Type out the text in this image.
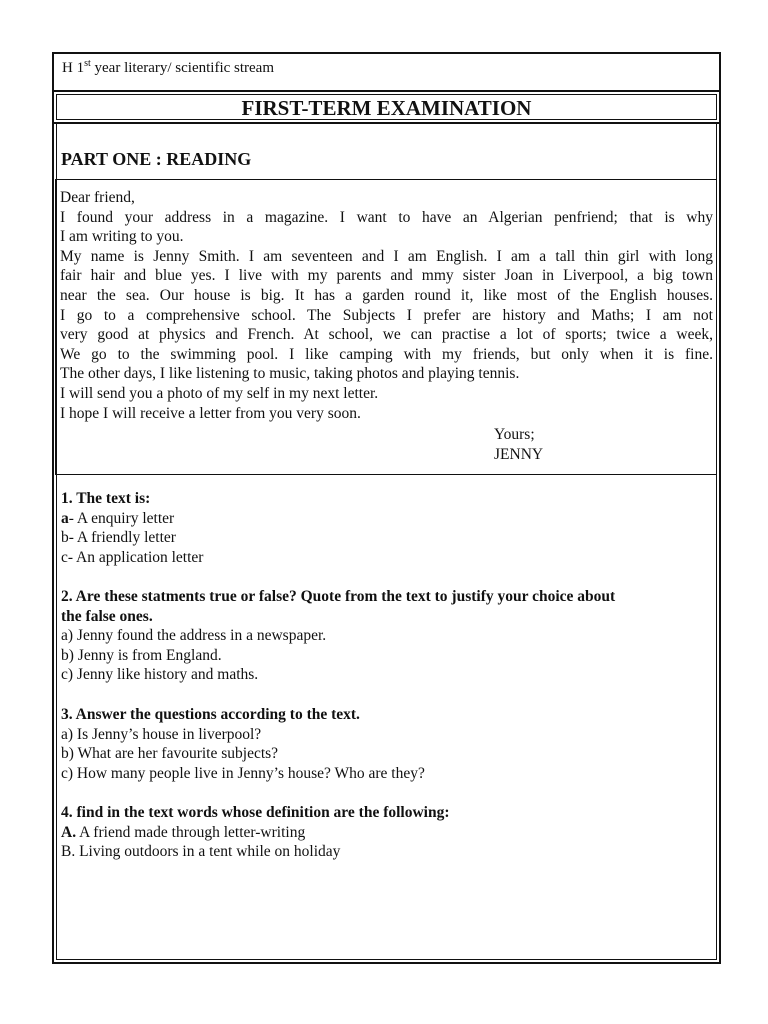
H 1st year literary/ scientific stream
FIRST-TERM EXAMINATION
PART ONE : READING

Dear friend,

I found your address in a magazine. I want to have an Algerian penfriend; that is why

I am writing to you.

My name is Jenny Smith. I am seventeen and I am English. I am a tall thin girl with long

fair hair and blue yes. I live with my parents and mmy sister Joan in Liverpool, a big town

near the sea. Our house is big. It has a garden round it, like most of the English houses.

I go to a comprehensive school. The Subjects I prefer are history and Maths; I am not

very good at physics and French. At school, we can practise a lot of sports; twice a week,

We go to the swimming pool. I like camping with my friends, but only when it is fine.

The other days, I like listening to music, taking photos and playing tennis.

I will send you a photo of my self in my next letter.

I hope I will receive a letter from you very soon.

Yours;
JENNY
1. The text is:
a- A enquiry letter
b- A friendly letter
c- An application letter
2. Are these statments true or false? Quote from the text to justify your choice about
the false ones.
a) Jenny found the address in a newspaper.
b) Jenny is from England.
c) Jenny like history and maths.
3. Answer the questions according to the text.
a) Is Jenny’s house in liverpool?
b) What are her favourite subjects?
c) How many people live in Jenny’s house? Who are they?
4. find in the text words whose definition are the following:
A. A friend made through letter-writing
B. Living outdoors in a tent while on holiday
